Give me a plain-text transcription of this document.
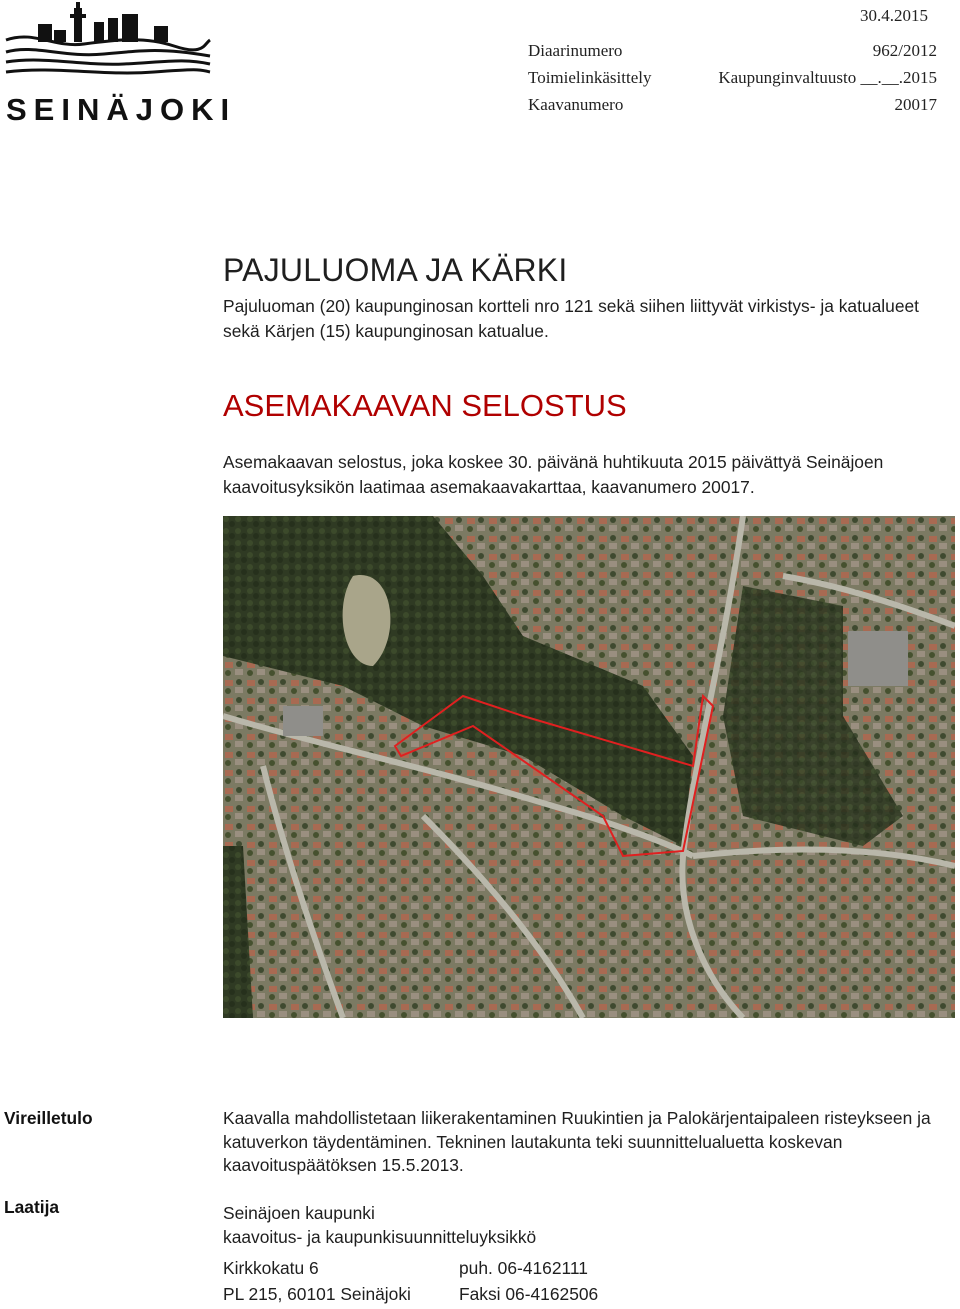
SEINÄJOKI
30.4.2015
Diaarinumero	962/2012
Toimielinkäsittely	Kaupunginvaltuusto __.__.2015
Kaavanumero	20017
PAJULUOMA JA KÄRKI
Pajuluoman (20) kaupunginosan kortteli nro 121 sekä siihen liittyvät virkistys- ja katualueet sekä Kärjen (15) kaupunginosan katualue.
ASEMAKAAVAN SELOSTUS
Asemakaavan selostus, joka koskee 30. päivänä huhtikuuta 2015 päivättyä Seinäjoen kaavoitusyksikön laatimaa asemakaavakarttaa, kaavanumero 20017.
Vireilletulo	Kaavalla mahdollistetaan liikerakentaminen Ruukintien ja Palokärjentaipaleen risteykseen ja katuverkon täydentäminen. Tekninen lautakunta teki suunnittelualuetta koskevan kaavoituspäätöksen 15.5.2013.
Laatija	Seinäjoen kaupunki
kaavoitus- ja kaupunkisuunnitteluyksikkö
Kirkkokatu 6	puh. 06-4162111
PL 215, 60101 Seinäjoki	Faksi 06-4162506
